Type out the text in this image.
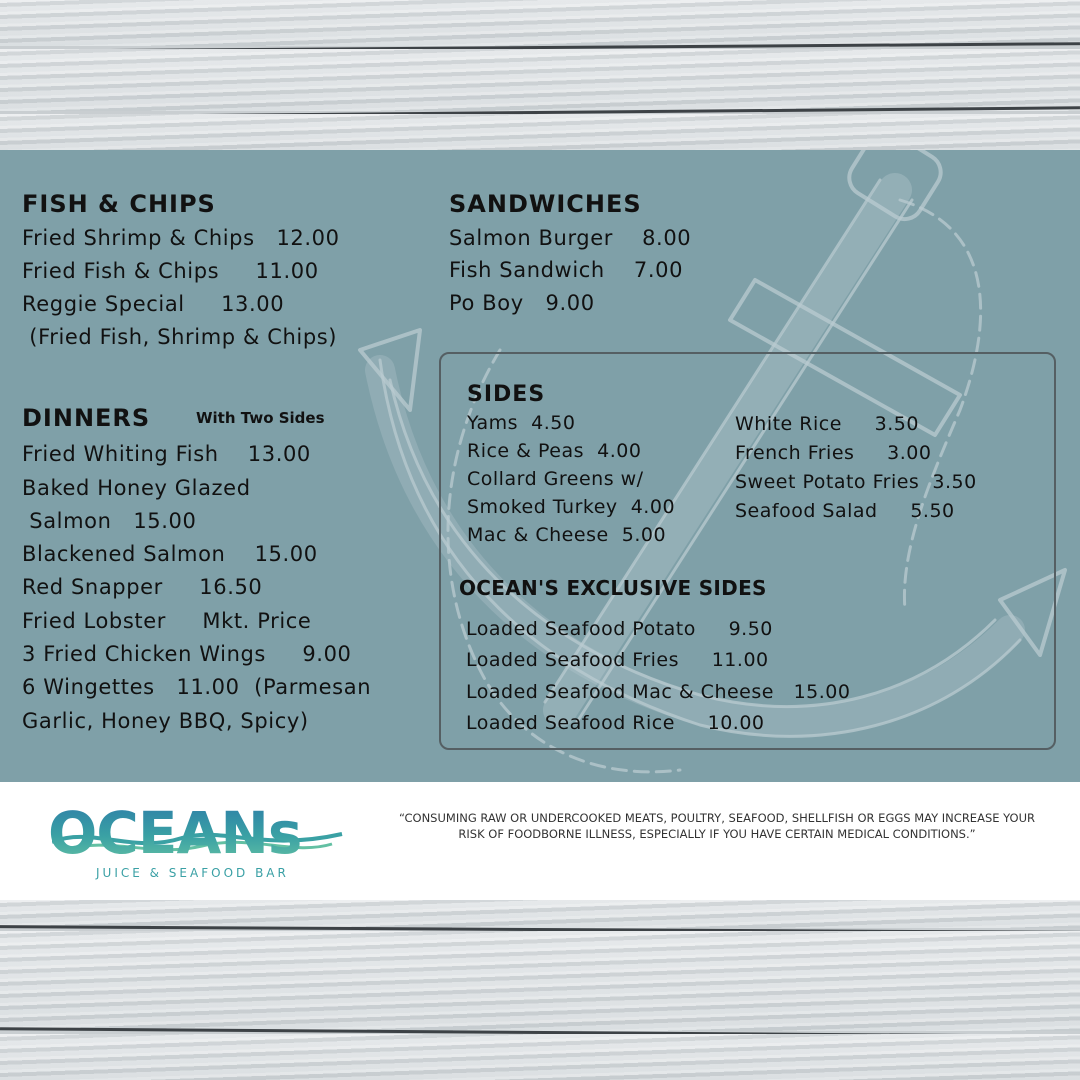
FISH & CHIPS
Fried Shrimp & Chips   12.00
Fried Fish & Chips     11.00
Reggie Special     13.00
(Fried Fish, Shrimp & Chips)
SANDWICHES
Salmon Burger    8.00
Fish Sandwich    7.00
Po Boy   9.00
DINNERS	With Two Sides
Fried Whiting Fish    13.00
Baked Honey Glazed
Salmon   15.00
Blackened Salmon    15.00
Red Snapper     16.50
Fried Lobster     Mkt. Price
3 Fried Chicken Wings     9.00
6 Wingettes   11.00  (Parmesan
Garlic, Honey BBQ, Spicy)
SIDES
Yams  4.50
Rice & Peas  4.00
Collard Greens w/
Smoked Turkey  4.00
Mac & Cheese  5.00
White Rice     3.50
French Fries     3.00
Sweet Potato Fries  3.50
Seafood Salad     5.50
OCEAN'S EXCLUSIVE SIDES
Loaded Seafood Potato     9.50
Loaded Seafood Fries     11.00
Loaded Seafood Mac & Cheese   15.00
Loaded Seafood Rice     10.00
OCEANs
JUICE & SEAFOOD BAR
“CONSUMING RAW OR UNDERCOOKED MEATS, POULTRY, SEAFOOD, SHELLFISH OR EGGS MAY INCREASE YOUR
RISK OF FOODBORNE ILLNESS, ESPECIALLY IF YOU HAVE CERTAIN MEDICAL CONDITIONS.”
